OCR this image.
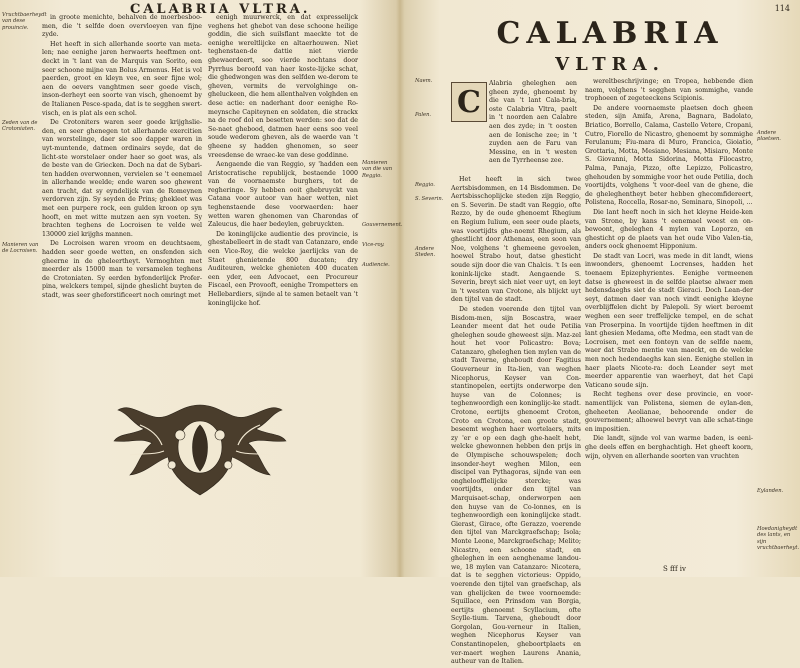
CALABRIA VLTRA.

in groote menichte, behalven de moerbesboo-men, die 't selfde doen overvloeyen van fijne zyde.

Het heeft in sich allerhande soorte van meta-len; nae eenighe jaren herwaerts heeftmen ont-deckt in 't lant van de Marquis van Sorito, een seer schoone mijne van Bolus Armenus. Het is vol paerden, groot en kleyn vee, en seer fijne wol; aen de oevers vanghtmen seer goede visch, inson-derheyt een soorte van visch, ghenoemt by de Italianen Pesce-spada, dat is te segghen swert-visch, en is plat als een schol.

De Crotoniters waren seer goede krijghslie-den, en seer ghenegen tot allerhande exercitien van worstelinge, daer sie soo dapper waren in uyt-muntende, datmen ordinairs seyde, dat de licht-ste worstelaer onder haer so goet was, als de beste van de Griecken. Doch na dat de Sybari-ten hadden overwonnen, vervielen se 't eenemael in allerhande weelde; ende waren soo ghewent aen tracht, dat sy eyndelijck van de Romeynen verdorven zijn. Sy seyden de Prins; ghekleet was met een purpere rock, een gulden kroon op syn hooft, en met witte mutzen aen syn voeten. Sy brachten teghens de Locroisen te velde wel 130000 ziel krijghs mannen.

De Locroisen waren vroom en deuchtsaem, hadden seer goede wetten, en onsfenden sich gheerne in de gheleertheyt. Vermoghten met meerder als 15000 man te versamelen teghens de Crotoniaten. Sy eerden byfonderlijck Profer-pina, welckers tempel, sijnde gheslicht buyten de stadt, was seer gheforstificeert noch omringt met

eenigh muurwerck, en dat expresselijck veghens het ghebot van dese schoone heilige goddin, die sich suilsflant maeckte tot de eenighe wereltlijcke en altaerhouwen. Niet teghenstaen-de dattie niet vierde ghewaerdeert, soo vierde nochtans door Pyrrhus beroofd van haer koste-lijcke schat, die ghedwongen was den selfden we-derom te gheven, vermits de vervolghinge on-gheluckeen, die hem allenthalven volghden en dese actie: en naderhant door eenighe Ro-meynsche Capiteynen en soldaten, die strackx na de roof dol en besetten werden: soo dat de Se-naet ghebood, datmen haer eens soo veel soude wederom gheven, als de waerde van 't gheene sy hadden ghenomen, so seer vreesdense de wraec-ke van dese goddinne.

Aengaende die van Reggio, sy 'hadden een Aristocratische republijck, bestaende 1000 van de voornaemste burghers, tot de regheringe. Sy hebben ooit ghebruyckt van Catana voor autoor van haer wetten, niet teghenstaende dese voorwaerden: haer wetten waren ghenomen van Charondas of Zaleucus, die haer bedeylen, gebruyckten.

De koninglijcke audientie des provincie, is ghestabelleert in de stadt van Catanzaro, ende een Vice-Roy, die welcke jaerlijcks van de Staet ghenietende 800 ducaten; dry Auditeuren, welcke ghenieten 400 ducaten een yder, een Advocaet, een Procureur Fiscael, een Provooft, eenighe Trompetters en Hellebardiers, sijnde al te samen betaelt van 't koninglijcke hof.

Vruchtbaerheydt van dese prouincie.
Zeden van de Crotoniaten.
Manieren van de Locroisen.
Manieren van die van Reggio.
Gouvernement.
Vice-roy.
Audiencie.
114
CALABRIA
VLTRA.
C

Alabria gheleghen aen gheen zyde, ghenoemt by die van 't lant Cala-bria, oste Calabria Vltra, paelt in 't noorden aen Calabre aen des zyde; in 't oosten aen de Ionische zee; in 't zuyden aen de Faru van Messine, en in 't westen aen de Tyrrheense zee.

Het heeft in sich twee Aertsbisdommen, en 14 Bisdommen. De Aertsbisschoplijcke steden zijn Reggio, en S. Severin. De stadt van Reggio, ofte Rezzo, by de oude ghenoemt Rhegium en Regium Iulium, een seer oude plaets, was voortijdts ghe-noemt Rhegium, als ghestlicht door Athenaas, een soon van Noe, volghens 't ghemeene gevoelen, hoewel Strabo hout, datse ghesticht soude sijn door die van Chalcis. 't Is een konink-lijcke stadt. Aengaende S. Severin, breyt sich niet veer uyt, en leyt in 't westen van Crotone, als blijckt uyt den tijtel van de stadt.

De steden voerende den tijtel van Bisdom-men, sijn Boscastra, waer Leander meent dat het oude Petilia gheleghen soude gheweest sijn. Maz-zel hout het voor Policastro: Bova; Catanzaro, gheleghen tien mylen van de stadt Taverne, gheboudt door Fagitius Gouverneur in Ita-lien, van weghen Nicephorus, Keyser van Con-stantinopelen, eertijts onderworpe den huyse van de Colonnes; is teghenwoordigh een koninglijc-ke stadt. Crotone, eertijts ghenoemt Croton, Croto en Crotona, een groote stadt, beseemt weghen haer wortelaers, mits zy 'er e op een dagh ghe-haelt hebt, welcke ghewonnen hebben den prijs in de Olympische schouwspelen; doch insonder-heyt weghen Milon, een discipel van Pythagoras, sijnde van een ongheloofflelijcke stercke; was voortijdts, onder den tijtel van Marquisaet-schap, onderworpen aen den huyse van de Co-lonnes, en is teghenwoordigh een koninglijcke stadt. Gierast, Girace, ofte Gerazzo, voerende den tijtel van Marckgraefschap; Isola; Monte Leone, Marckgraefschap; Melito; Nicastro, een schoone stadt, en gheleghen in een aenghename landou-we, 18 mylen van Catanzaro: Nicotera, dat is te segghen victorieus: Oppido, voerende den tijtel van graefschap, als van ghelijcken de twee voornoemde: Squillace, een Prinsdom van Borgia, eertijts ghenoemt Scyllacium, ofte Scylle-tium. Tarvena, gheboudt door Gorgolan, Gou-verneur in Italien, weghen Nicephorus Keyser van Constantinopelen, gheboortplaets en ver-maert weghen Laurens Anania, autheur van de Italien.

wereltbeschrijvinge; en Tropea, hebbende dien naem, volghens 't segghen van sommighe, vande trophoeen of zegeteeckens Scipionis.

De andere voornaemste plaetsen doch gheen steden, sijn Amifa, Arena, Bagnara, Badolato, Briatico, Borrello, Calama, Castello Vetere, Cropani, Cutro, Fiorello de Nicastro, ghenoemt by sommighe Ferulanum; Fiu-mara di Muro, Francica, Gioiatio, Grottaria, Motta, Mesiano, Mesiana, Misiaro, Monte S. Giovanni, Motta Sidorina, Motta Filocastro, Palma, Panaja, Pizzo, ofte Lepizzo, Policastro, ghehouden by sommighe voor het oude Petilia, doch voortijdts, volghens 't voor-deel van de ghene, die de gheleghentheyt beter hebben ghecomfidereert, Polistena, Roccella, Rosar-no, Seminara, Sinopoli, ...

Die lant heeft noch in sich het kleyne Heide-ken van Strone, by kans 't eenemael woest en on-bewoont, gheleghen 4 mylen van Loporzo, en ghesticht op de plaets van het oude Vibo Valen-tia, anders oock ghenoemt Hipponium.

De stadt van Locri, was mede in dit landt, wiens inwoonders, ghenoemt Locrenses, hadden het toenaem Epizephyrientes. Eenighe vermeenen datse is gheweest in de selfde plaetse alwaer men hedensdaeghs siet de stadt Gieraci. Doch Lean-der seyt, datmen daer van noch vindt eenighe kleyne overblijffelen dicht by Palepoli. Sy wiert beroemt weghen een seer treffelijcke tempel, en de schat van Proserpina. In voortijde tijden heeftmen in dit lant ghesien Medama, ofte Medma, een stadt van de Locroisen, met een fonteyn van de selfde naem, waer dat Strabo mentie van maeckt, en de welcke men noch hedendaeghs kan sien. Eenighe stellen in haer plaets Nicote-ra: doch Leander seyt met meerder apparentie van waerheyt, dat het Capi Vaticano soude sijn.

Recht teghens over dese provincie, en voor-namentlijck van Polistena, siemen de eylan-den, gheheeten Aeolianae, behoorende onder de gouvernement; alhoewel bevryt van alle schat-tinge en impositien.

Die landt, sijnde vol van warme baden, is eeni-ghe deels effen en berghachtigh. Het gheeft koorn, wijn, olyven en allerhande soorten van vruchten

Naem.
Palen.
Reggio.
S. Severin.
Andere Steden.
Andere plaetsen.
Eylanden.
Hoedanigheydt des lants, en sijn vruchtbaerheyt.
S fff iv
